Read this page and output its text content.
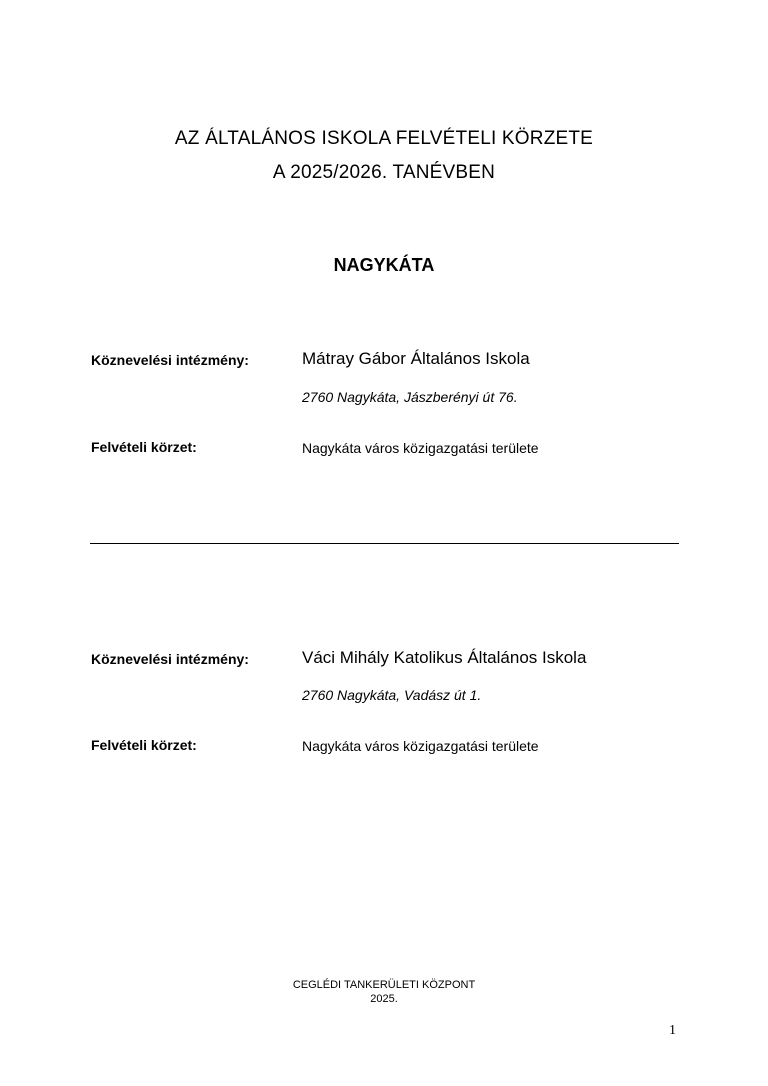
AZ ÁLTALÁNOS ISKOLA FELVÉTELI KÖRZETE
A 2025/2026. TANÉVBEN
NAGYKÁTA
Köznevelési intézmény:	Mátray Gábor Általános Iskola
2760 Nagykáta, Jászberényi út 76.
Felvételi körzet:	Nagykáta város közigazgatási területe
Köznevelési intézmény:	Váci Mihály Katolikus Általános Iskola
2760 Nagykáta, Vadász út 1.
Felvételi körzet:	Nagykáta város közigazgatási területe
CEGLÉDI TANKERÜLETI KÖZPONT
2025.
1
